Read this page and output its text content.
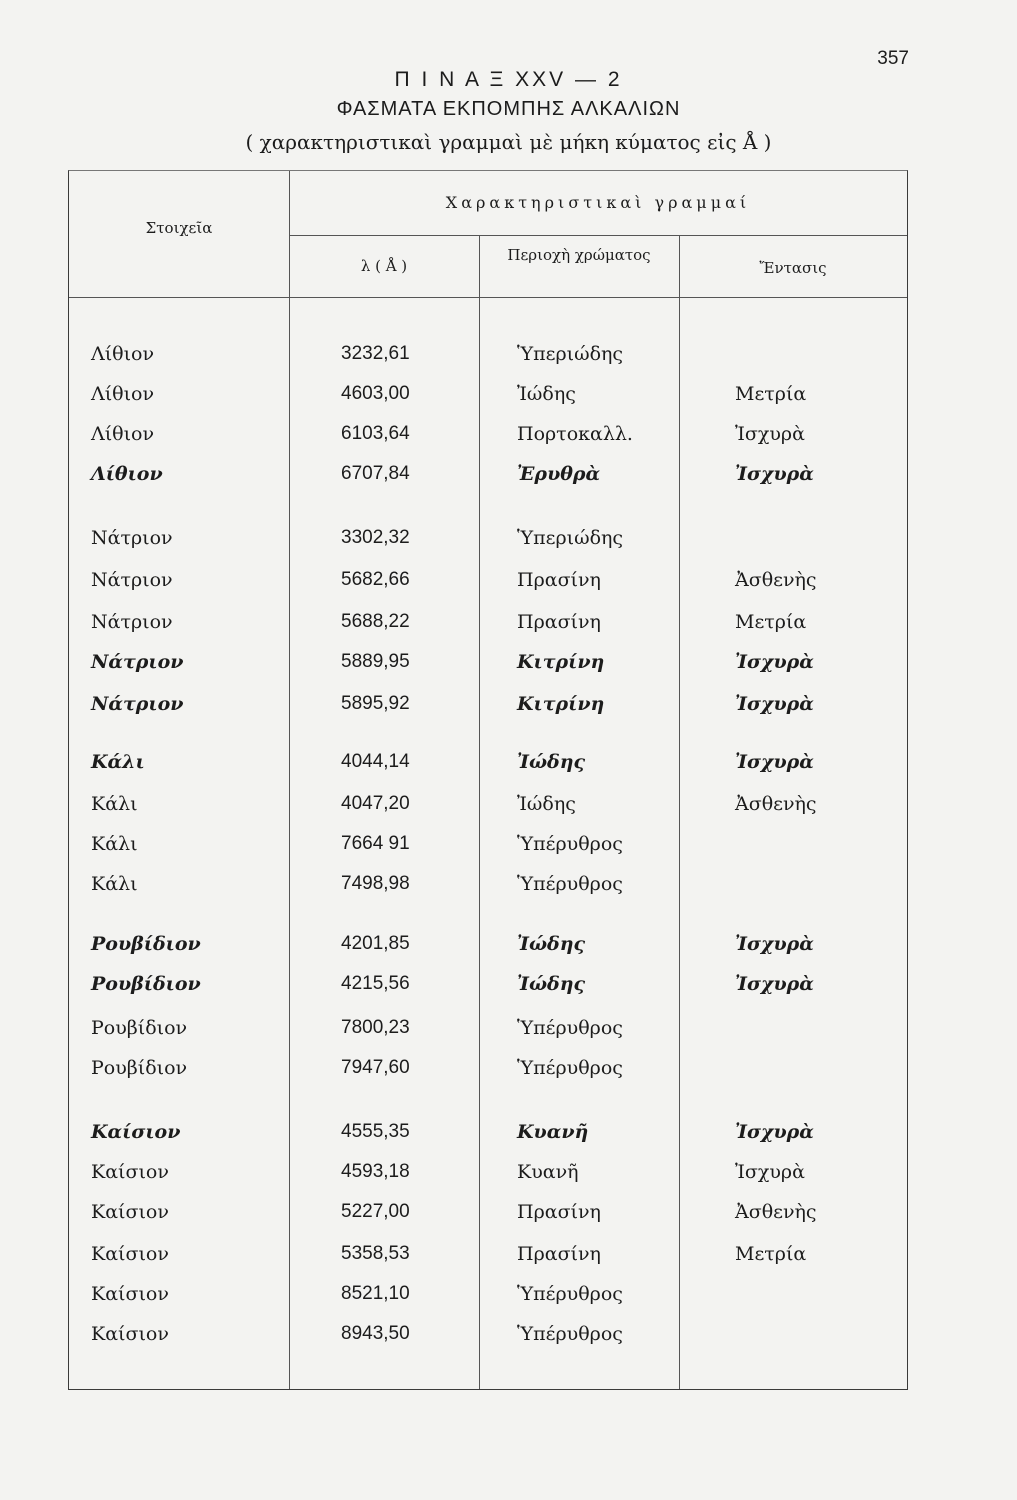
357
Π Ι Ν Α Ξ XXV — 2
ΦΑΣΜΑΤΑ ΕΚΠΟΜΠΗΣ ΑΛΚΑΛΙΩΝ
( χαρακτηριστικαὶ γραμμαὶ μὲ μήκη κύματος εἰς Å )
Στοιχεῖα
Χαρακτηριστικαὶ γραμμαί
λ ( Å )
Περιοχὴ χρώματος
Ἔντασις
Λίθιον	3232,61	Ὑπεριώδης
Λίθιον	4603,00	Ἰώδης	Μετρία
Λίθιον	6103,64	Πορτοκαλλ.	Ἰσχυρὰ
Λίθιον	6707,84	Ἐρυθρὰ	Ἰσχυρὰ
Νάτριον	3302,32	Ὑπεριώδης
Νάτριον	5682,66	Πρασίνη	Ἀσθενὴς
Νάτριον	5688,22	Πρασίνη	Μετρία
Νάτριον	5889,95	Κιτρίνη	Ἰσχυρὰ
Νάτριον	5895,92	Κιτρίνη	Ἰσχυρὰ
Κάλι	4044,14	Ἰώδης	Ἰσχυρὰ
Κάλι	4047,20	Ἰώδης	Ἀσθενὴς
Κάλι	7664 91	Ὑπέρυθρος
Κάλι	7498,98	Ὑπέρυθρος
Ρουβίδιον	4201,85	Ἰώδης	Ἰσχυρὰ
Ρουβίδιον	4215,56	Ἰώδης	Ἰσχυρὰ
Ρουβίδιον	7800,23	Ὑπέρυθρος
Ρουβίδιον	7947,60	Ὑπέρυθρος
Καίσιον	4555,35	Κυανῆ	Ἰσχυρὰ
Καίσιον	4593,18	Κυανῆ	Ἰσχυρὰ
Καίσιον	5227,00	Πρασίνη	Ἀσθενὴς
Καίσιον	5358,53	Πρασίνη	Μετρία
Καίσιον	8521,10	Ὑπέρυθρος
Καίσιον	8943,50	Ὑπέρυθρος
